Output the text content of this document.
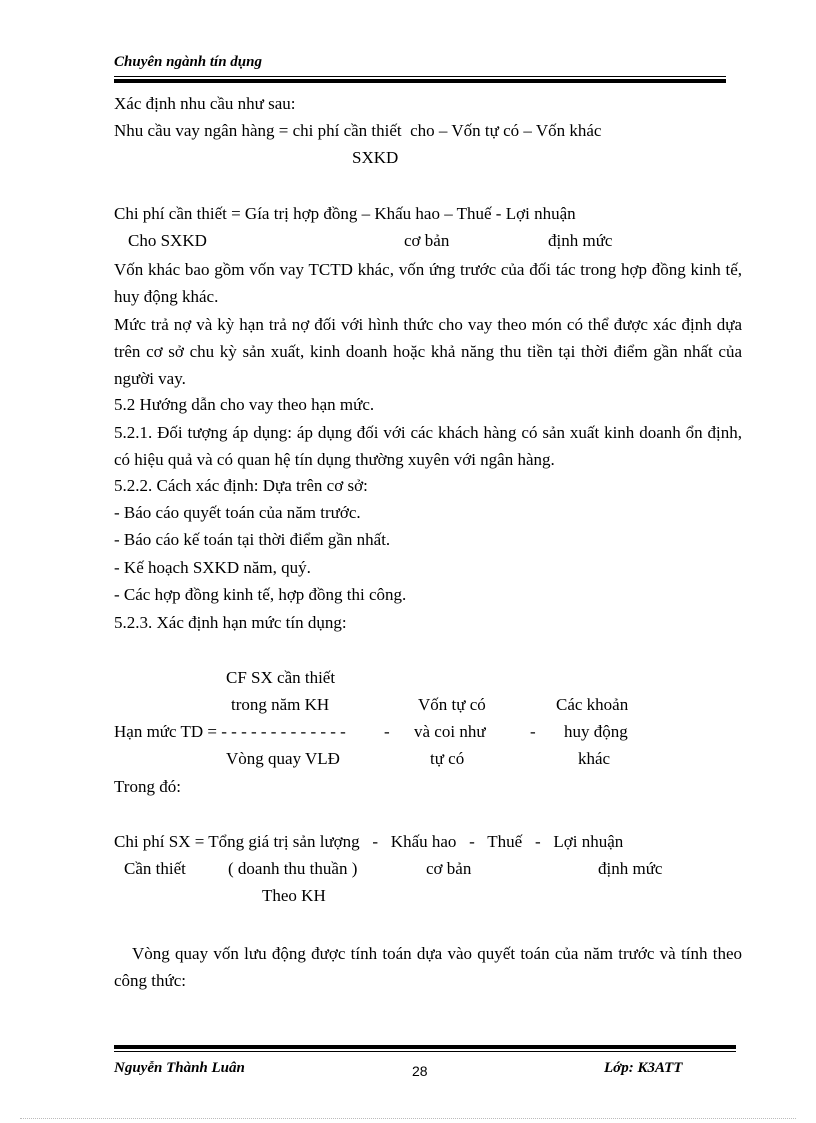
Chuyên ngành tín dụng
Xác định nhu cầu như sau:
Nhu cầu vay ngân hàng = chi phí cần thiết  cho – Vốn tự có – Vốn khác
SXKD
Chi phí cần thiết = Gía trị hợp đồng – Khấu hao – Thuế - Lợi nhuận
Cho SXKD	cơ bản	định mức
Vốn khác bao gồm vốn vay TCTD khác, vốn ứng trước của đối tác trong hợp đồng kinh tế, huy động khác.
Mức trả nợ và kỳ hạn trả nợ đối với hình thức cho vay theo món có thể được xác định dựa trên cơ sở chu kỳ sản xuất, kinh doanh hoặc khả năng thu tiền tại thời điểm gần nhất của người vay.
5.2 Hướng dẫn cho vay theo hạn mức.
5.2.1. Đối tượng áp dụng: áp dụng đối với các khách hàng có sản xuất kinh doanh ổn định, có hiệu quả và có quan hệ tín dụng thường xuyên với ngân hàng.
5.2.2. Cách xác định: Dựa trên cơ sở:
- Báo cáo quyết toán của năm trước.
- Báo cáo kế toán tại thời điểm gần nhất.
- Kế hoạch SXKD năm, quý.
- Các hợp đồng kinh tế, hợp đồng thi công.
5.2.3. Xác định hạn mức tín dụng:
CF SX cần thiết
trong năm KH	Vốn tự có	Các khoản
Hạn mức TD = - - - - - - - - - - - - - - và coi như	- huy động
Vòng quay VLĐ	tự có	khác
Trong đó:
Chi phí SX = Tổng giá trị sản lượng   -   Khấu hao   -   Thuế   -   Lợi nhuận
Cần thiết ( doanh thu thuần )	cơ bản	định mức
Theo KH
Vòng quay vốn lưu động được tính toán dựa vào quyết toán của năm trước và tính theo công thức:
Nguyễn Thành Luân	28	Lớp: K3ATT
